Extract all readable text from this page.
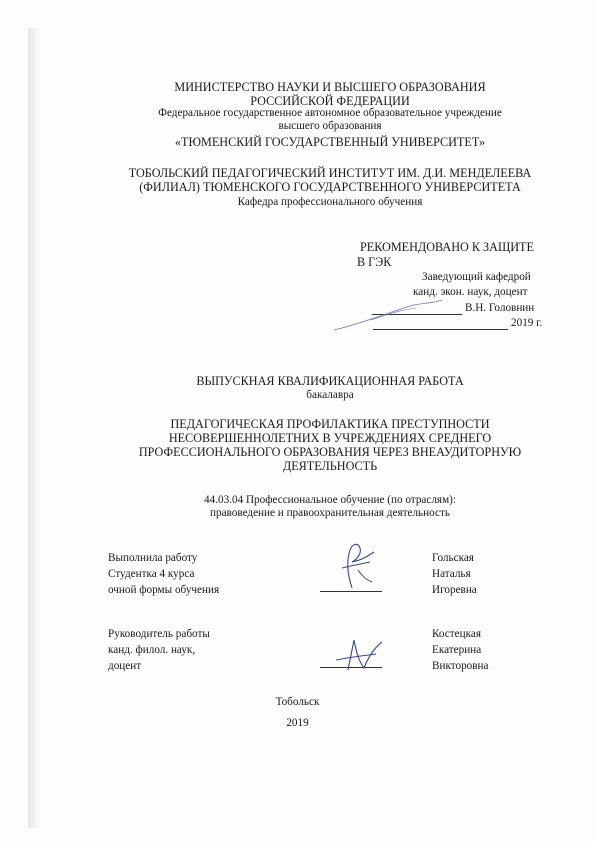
МИНИСТЕРСТВО НАУКИ И ВЫСШЕГО ОБРАЗОВАНИЯ
РОССИЙСКОЙ ФЕДЕРАЦИИ
Федеральное государственное автономное образовательное учреждение
высшего образования
«ТЮМЕНСКИЙ ГОСУДАРСТВЕННЫЙ УНИВЕРСИТЕТ»
ТОБОЛЬСКИЙ ПЕДАГОГИЧЕСКИЙ ИНСТИТУТ ИМ. Д.И. МЕНДЕЛЕЕВА
(ФИЛИАЛ) ТЮМЕНСКОГО ГОСУДАРСТВЕННОГО УНИВЕРСИТЕТА
Кафедра профессионального обучения
РЕКОМЕНДОВАНО К ЗАЩИТЕ
В ГЭК
Заведующий кафедрой
канд. экон. наук, доцент
В.Н. Головнин
2019 г.
ВЫПУСКНАЯ КВАЛИФИКАЦИОННАЯ РАБОТА
бакалавра
ПЕДАГОГИЧЕСКАЯ ПРОФИЛАКТИКА ПРЕСТУПНОСТИ
НЕСОВЕРШЕННОЛЕТНИХ В УЧРЕЖДЕНИЯХ СРЕДНЕГО
ПРОФЕССИОНАЛЬНОГО ОБРАЗОВАНИЯ ЧЕРЕЗ ВНЕАУДИТОРНУЮ
ДЕЯТЕЛЬНОСТЬ
44.03.04 Профессиональное обучение (по отраслям):
правоведение и правоохранительная деятельность
Выполнила работу
Студентка 4 курса
очной формы обучения
Гольская
Наталья
Игоревна
Руководитель работы
канд. филол. наук,
доцент
Костецкая
Екатерина
Викторовна
Тобольск
2019
